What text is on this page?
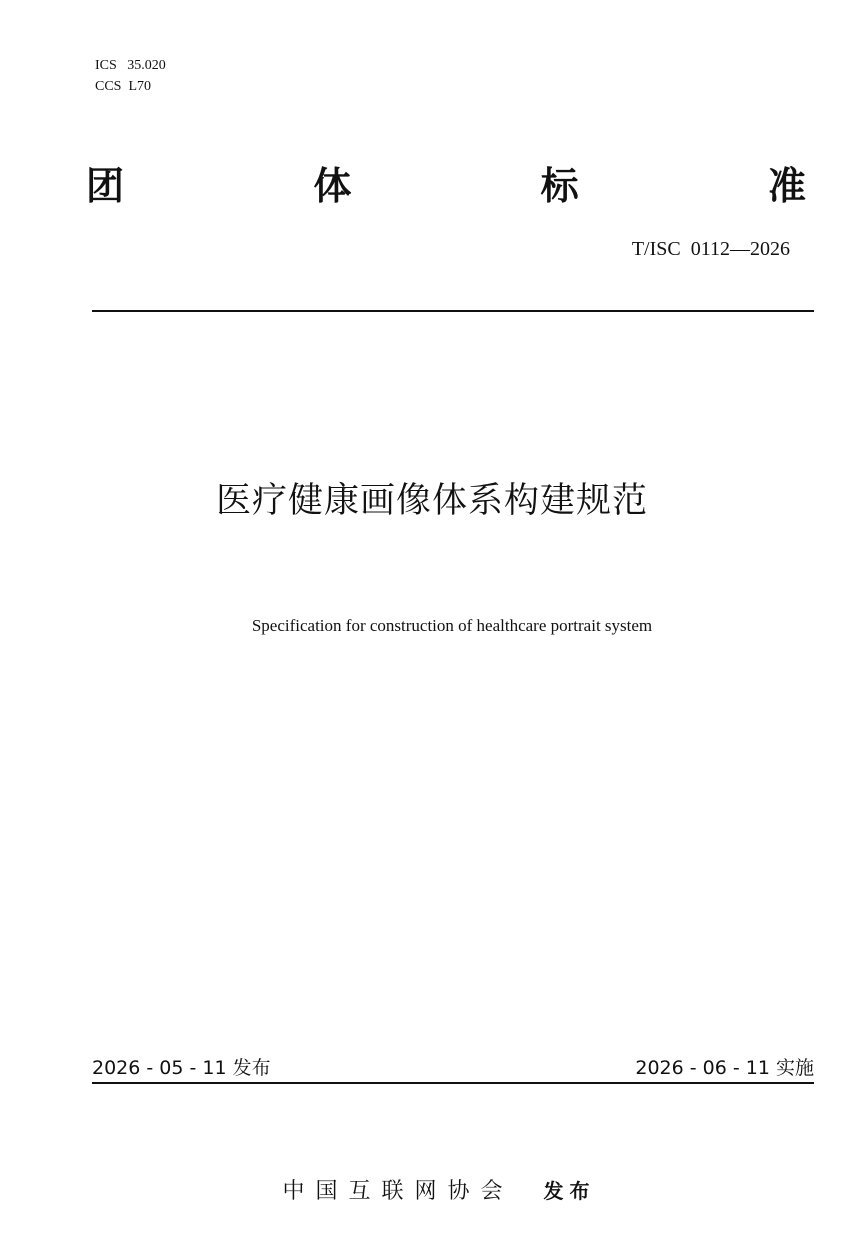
ICS 35.020

CCS L70

团	体	标	准
T/ISC  0112—2026
医疗健康画像体系构建规范
Specification for construction of healthcare portrait system
2026 - 05 - 11 发布	2026 - 06 - 11 实施

中国互联网协会 发布
